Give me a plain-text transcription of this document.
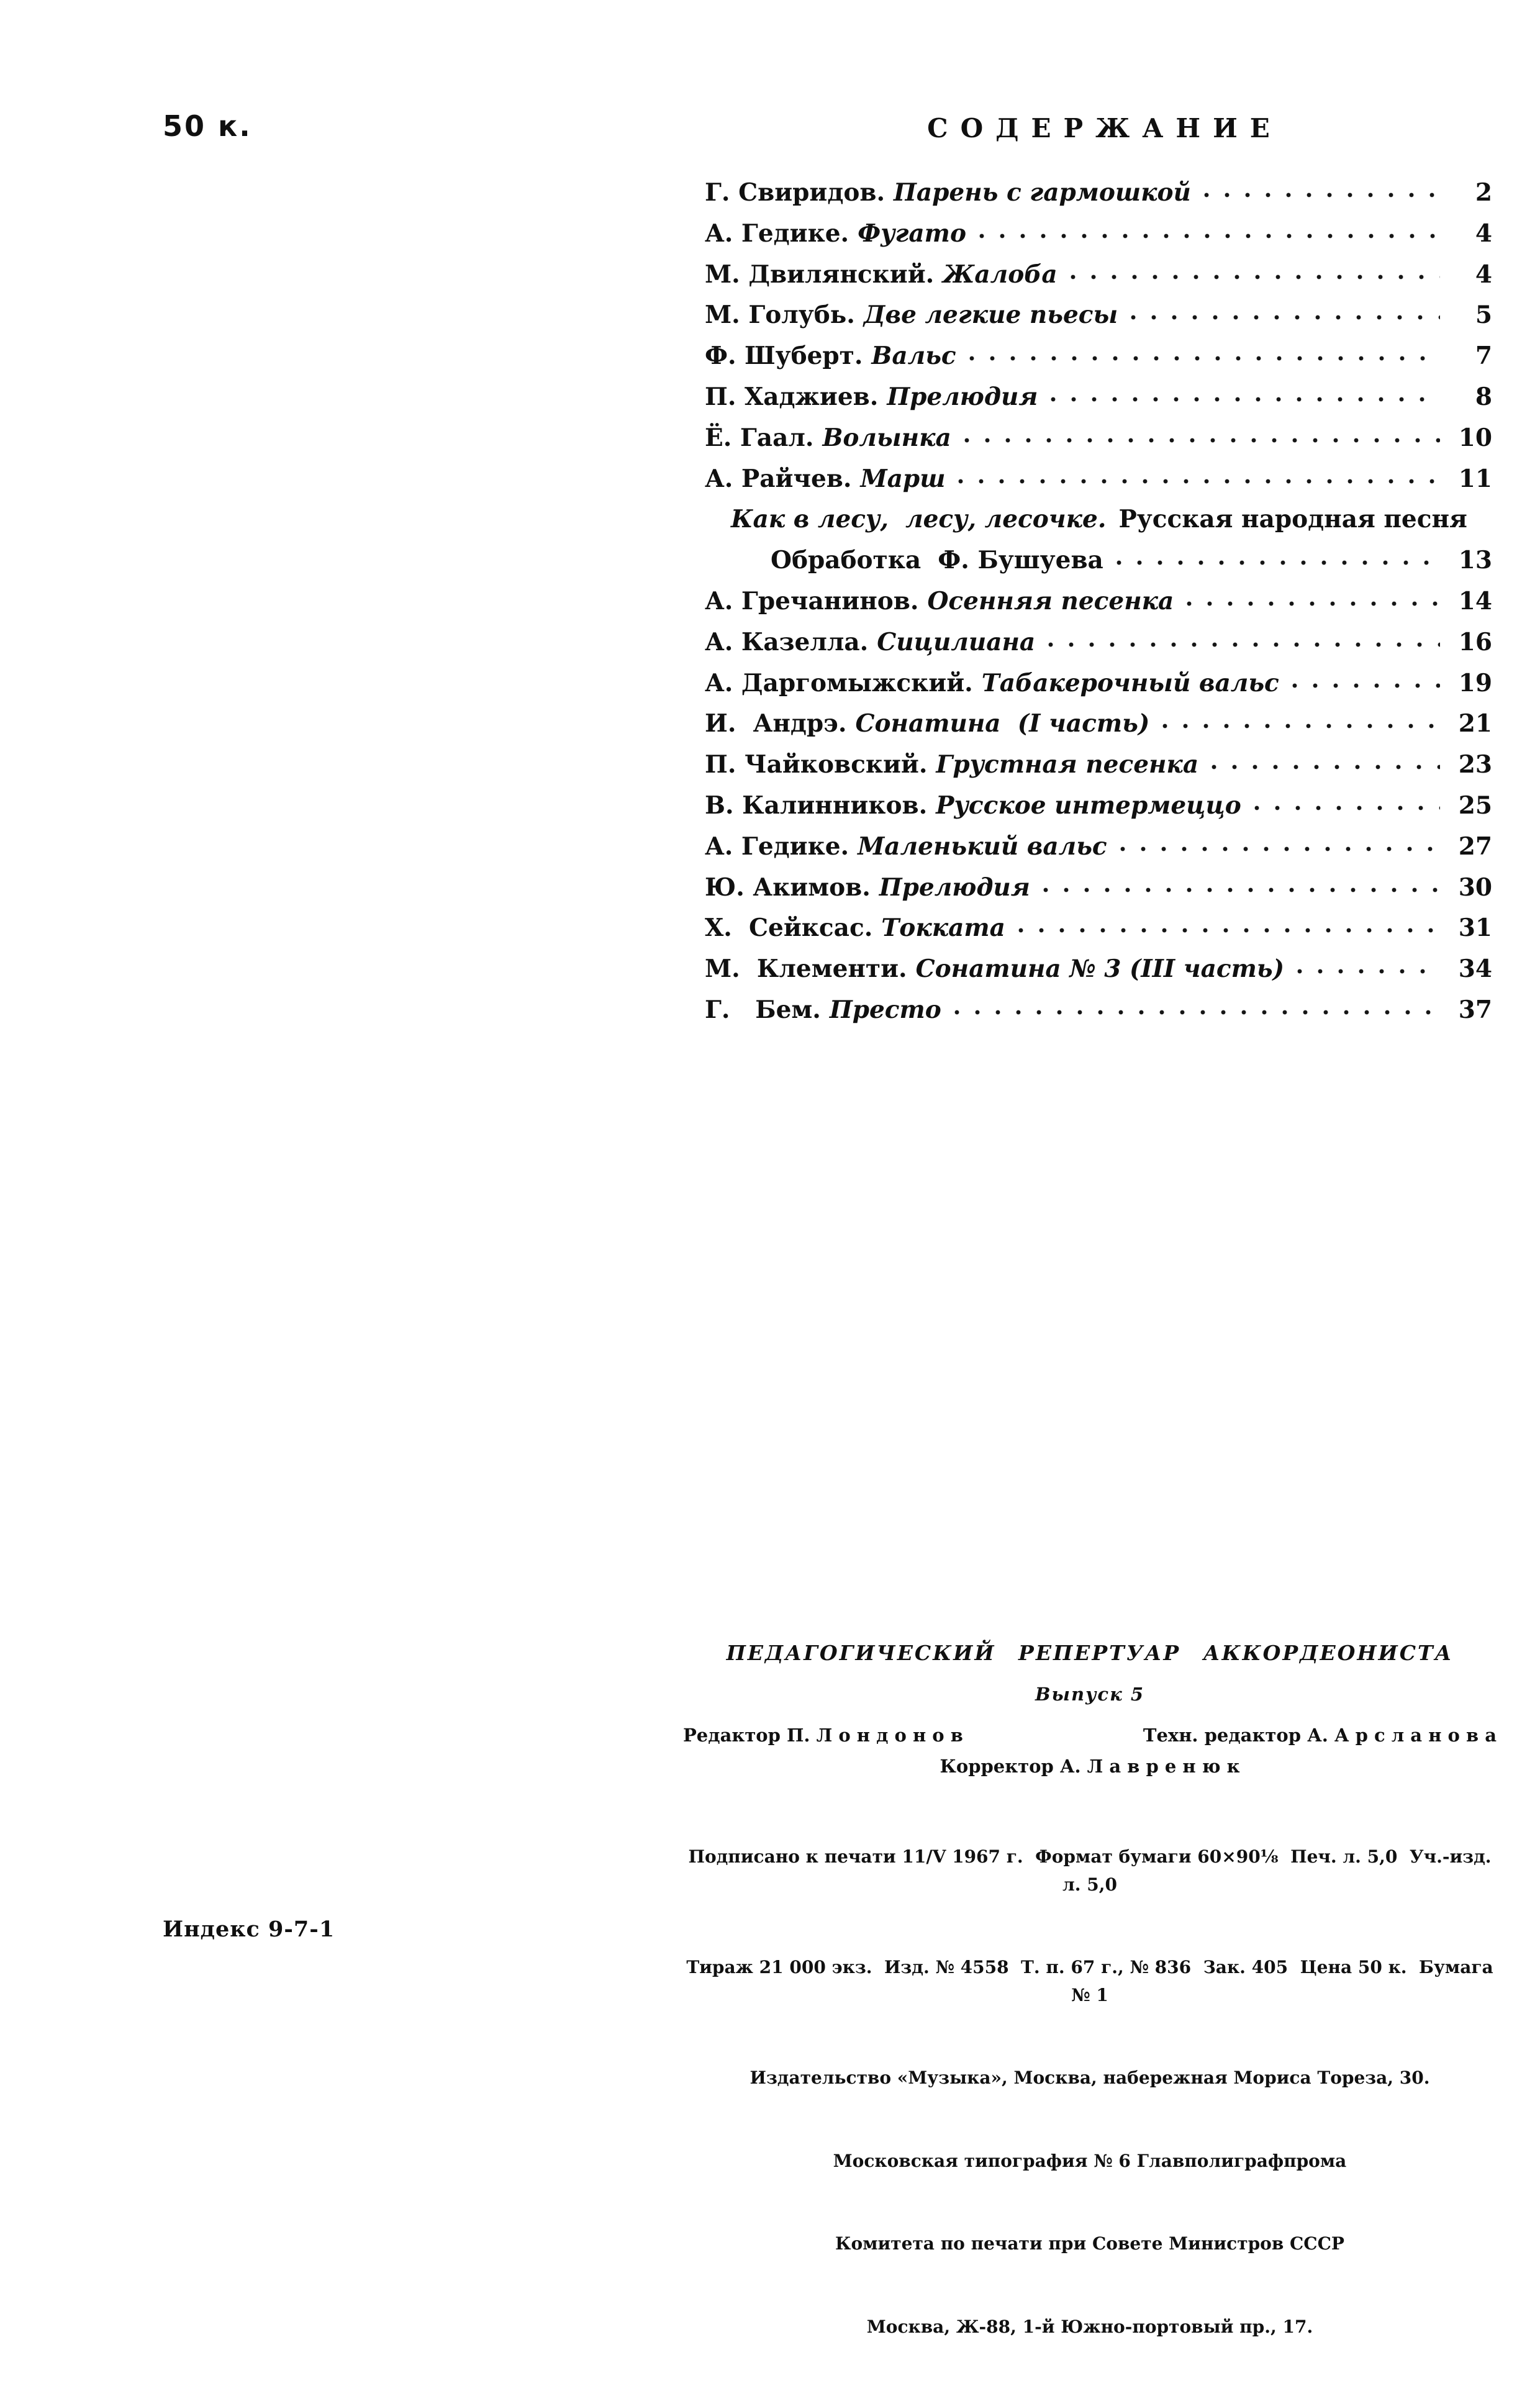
50 к.	СОДЕРЖАНИЕ
Г. Свиридов. Парень с гармошкой	2
А. Гедике. Фугато	4
М. Двилянский. Жалоба	4
М. Голубь. Две легкие пьесы	5
Ф. Шуберт. Вальс	7
П. Хаджиев. Прелюдия	8
Ё. Гаал. Волынка	10
А. Райчев. Марш	11
Как в лесу,  лесу, лесочке. Русская народная песня
Обработка  Ф. Бушуева	13
А. Гречанинов. Осенняя песенка	14
А. Казелла. Сицилиана	16
А. Даргомыжский. Табакерочный вальс	19
И.  Андрэ. Сонатина  (I часть)	21
П. Чайковский. Грустная песенка	23
В. Калинников. Русское интермеццо	25
А. Гедике. Маленький вальс	27
Ю. Акимов. Прелюдия	30
Х.  Сейксас. Токката	31
М.  Клементи. Сонатина № 3 (III часть)	34
Г.   Бем. Престо	37
ПЕДАГОГИЧЕСКИЙ РЕПЕРТУАР АККОРДЕОНИСТА
Выпуск 5
Редактор П. Л о н д о н о в	Техн. редактор А. А р с л а н о в а
Корректор А. Л а в р е н ю к

Подписано к печати 11/V 1967 г.  Формат бумаги 60×90⅛  Печ. л. 5,0  Уч.-изд. л. 5,0

Тираж 21 000 экз.  Изд. № 4558  Т. п. 67 г., № 836  Зак. 405  Цена 50 к.  Бумага № 1

Издательство «Музыка», Москва, набережная Мориса Тореза, 30.

Московская типография № 6 Главполиграфпрома

Комитета по печати при Совете Министров СССР

Москва, Ж-88, 1-й Южно-портовый пр., 17.

Индекс 9-7-1
